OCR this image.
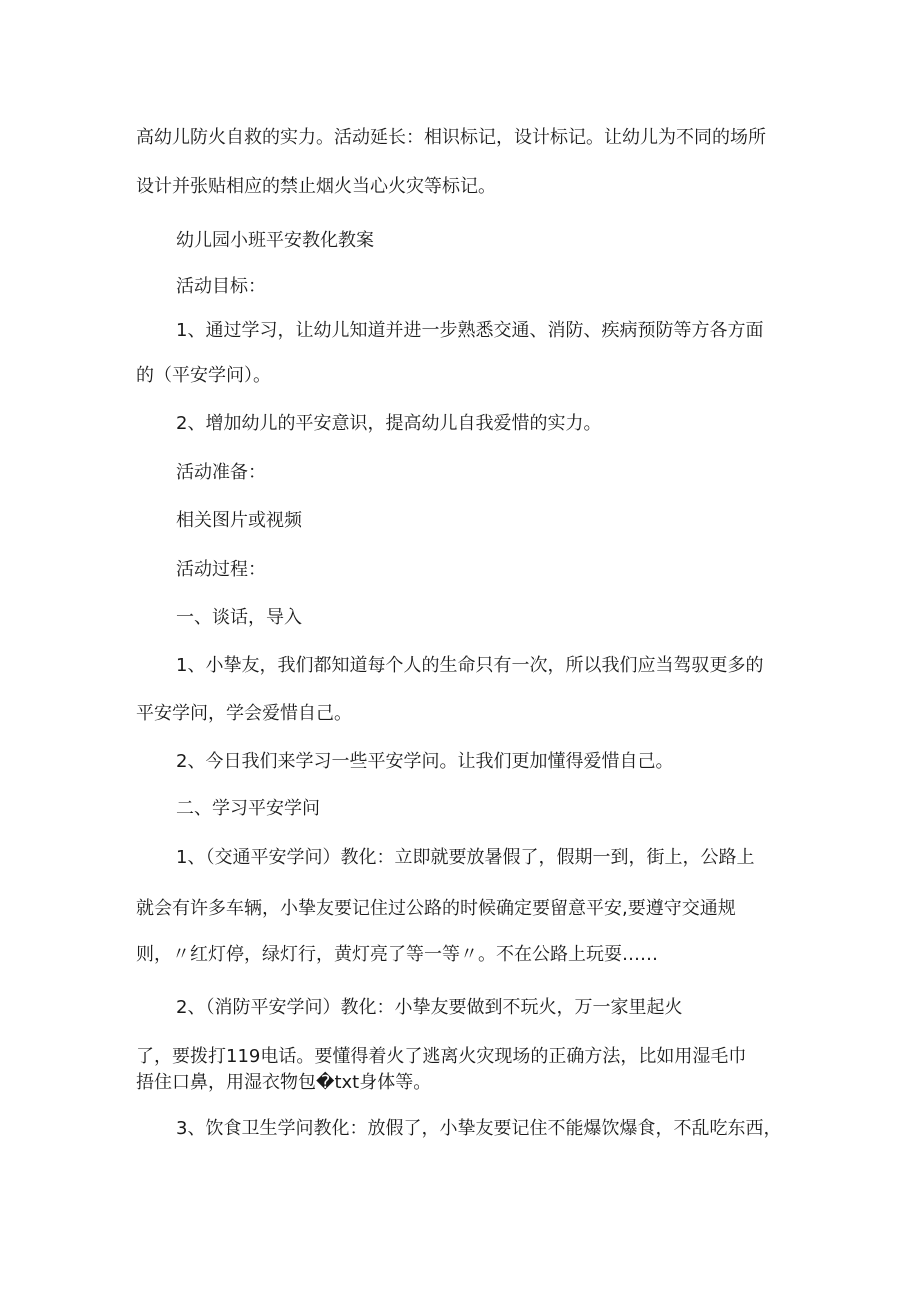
高幼儿防火自救的实力。活动延长：相识标记，设计标记。让幼儿为不同的场所
设计并张贴相应的禁止烟火当心火灾等标记。
幼儿园小班平安教化教案
活动目标：
1、通过学习，让幼儿知道并进一步熟悉交通、消防、疾病预防等方各方面
的（平安学问）。
2、增加幼儿的平安意识，提高幼儿自我爱惜的实力。
活动准备：
相关图片或视频
活动过程：
一、谈话，导入
1、小挚友，我们都知道每个人的生命只有一次，所以我们应当驾驭更多的
平安学问，学会爱惜自己。
2、今日我们来学习一些平安学问。让我们更加懂得爱惜自己。
二、学习平安学问
1、（交通平安学问）教化：立即就要放暑假了，假期一到，街上，公路上
就会有许多车辆，小挚友要记住过公路的时候确定要留意平安,要遵守交通规
则，〃红灯停，绿灯行，黄灯亮了等一等〃。不在公路上玩耍……
2、（消防平安学问）教化：小挚友要做到不玩火，万一家里起火
了，要拨打119电话。要懂得着火了逃离火灾现场的正确方法，比如用湿毛巾
捂住口鼻，用湿衣物包�txt身体等。
3、饮食卫生学问教化：放假了，小挚友要记住不能爆饮爆食，不乱吃东西，
